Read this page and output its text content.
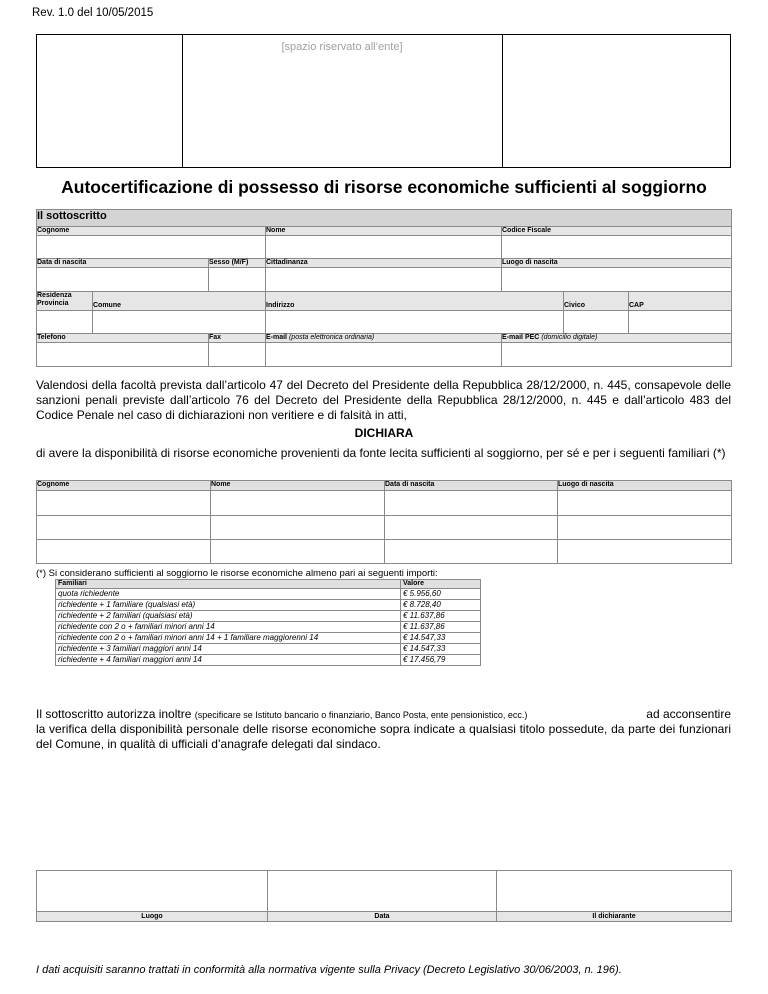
Rev. 1.0 del 10/05/2015
[spazio riservato all’ente]
Autocertificazione di possesso di risorse economiche sufficienti al soggiorno
Il sottoscritto						
Cognome			Nome	Codice Fiscale		

Data di nascita		Sesso (M/F)	Cittadinanza	Luogo di nascita		

Residenza
Provincia	Comune		Indirizzo		Civico	CAP

Telefono		Fax	E-mail (posta elettronica ordinaria)	E-mail PEC (domicilio digitale)		

Valendosi della facoltà prevista dall’articolo 47 del Decreto del Presidente della Repubblica 28/12/2000, n. 445, consapevole delle sanzioni penali previste dall’articolo 76 del Decreto del Presidente della Repubblica 28/12/2000, n. 445 e dall’articolo 483 del Codice Penale nel caso di dichiarazioni non veritiere e di falsità in atti,
DICHIARA
di avere la disponibilità di risorse economiche provenienti da fonte lecita sufficienti al soggiorno, per sé e per i seguenti familiari (*)
Cognome	Nome	Data di nascita	Luogo di nascita

(*) Si considerano sufficienti al soggiorno le risorse economiche almeno pari ai seguenti importi:
Familiari	Valore
quota richiedente	€ 5.956,60
richiedente + 1 familiare (qualsiasi età)	€ 8.728,40
richiedente + 2 familiari (qualsiasi età)	€ 11.637,86
richiedente con 2 o + familiari minori anni 14	€ 11.637,86
richiedente con 2 o + familiari minori anni 14 + 1 familiare maggiorenni 14	€ 14.547,33
richiedente + 3 familiari maggiori anni 14	€ 14.547,33
richiedente + 4 familiari maggiori anni 14	€ 17.456,79
Il sottoscritto autorizza inoltre (specificare se Istituto bancario o finanziario, Banco Posta, ente pensionistico, ecc.)	ad acconsentire
la verifica della disponibilità personale delle risorse economiche sopra indicate a qualsiasi titolo possedute, da parte dei funzionari del Comune, in qualità di ufficiali d’anagrafe delegati dal sindaco.

Luogo	Data	Il dichiarante
I dati acquisiti saranno trattati in conformità alla normativa vigente sulla Privacy (Decreto Legislativo 30/06/2003, n. 196).
